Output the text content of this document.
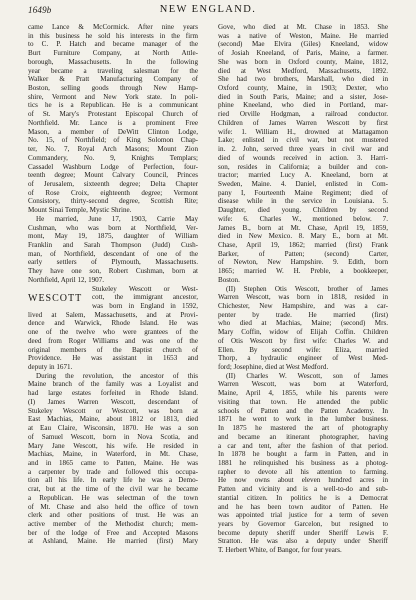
1649b	NEW ENGLAND.
came Lance & McCormick. After nine years
in this business he sold his interests in the firm
to C. P. Hatch and became manager of the
Burt Furniture Company, at North Attle-
borough, Massachusetts. In the following
year became a traveling salesman for the
Walker & Pratt Manufacturing Company of
Boston, selling goods through New Hamp-
shire, Vermont and New York state. In poli-
tics he is a Republican. He is a communicant
of St. Mary's Protestant Episcopal Church of
Northfield. Mr. Lance is a prominent Free
Mason, a member of DeWitt Clinton Lodge,
No. 15, of Northfield; of King Solomon Chap-
ter, No. 7, Royal Arch Masons; Mount Zion
Commandery, No. 9, Knights Templars;
Cassadel Washburn Lodge of Perfection, four-
teenth degree; Mount Calvary Council, Princes
of Jerusalem, sixteenth degree; Delta Chapter
of Rose Croix, eighteenth degree; Vermont
Consistory, thirty-second degree, Scottish Rite;
Mount Sinai Temple, Mystic Shrine.
He married, June 17, 1903, Carrie May
Cushman, who was born at Northfield, Ver-
mont, May 19, 1875, daughter of William
Franklin and Sarah Thompson (Judd) Cush-
man, of Northfield, descendant of one of the
early settlers of Plymouth, Massachusetts.
They have one son, Robert Cushman, born at
Northfield, April 12, 1907.
WESCOTT
Stukeley Wescott or West-
cott, the immigrant ancestor,
was born in England in 1592,
lived at Salem, Massachusetts, and at Provi-
dence and Warwick, Rhode Island. He was
one of the twelve who were grantees of the
deed from Roger Williams and was one of the
original members of the Baptist church of
Providence. He was assistant in 1653 and
deputy in 1671.
During the revolution, the ancestor of this
Maine branch of the family was a Loyalist and
had large estates forfeited in Rhode Island.
(I) James Warren Wescott, descendant of
Stukeley Wescott or Westcott, was born at
East Machias, Maine, about 1812 or 1813, died
at Eau Claire, Wisconsin, 1870. He was a son
of Samuel Wescott, born in Nova Scotia, and
Mary Jane Wescott, his wife. He resided in
Machias, Maine, in Waterford, in Mt. Chase,
and in 1865 came to Patten, Maine. He was
a carpenter by trade and followed this occupa-
tion all his life. In early life he was a Demo-
crat, but at the time of the civil war he became
a Republican. He was selectman of the town
of Mt. Chase and also held the office of town
clerk and other positions of trust. He was an
active member of the Methodist church; mem-
ber of the lodge of Free and Accepted Masons
at Ashland, Maine. He married (first) Mary
Gove, who died at Mt. Chase in 1853. She
was a native of Weston, Maine. He married
(second) Mae Elvira (Giles) Kneeland, widow
of Josiah Kneeland, of Paris, Maine, a farmer.
She was born in Oxford county, Maine, 1812,
died at West Medford, Massachusetts, 1892.
She had two brothers, Marshall, who died in
Oxford county, Maine, in 1903; Dexter, who
died in South Paris, Maine; and a sister, Jose-
phine Kneeland, who died in Portland, mar-
ried Orville Hodgman, a railroad conductor.
Children of James Warren Wescott by first
wife: 1. William H., drowned at Mattagamon
Lake; enlisted in civil war, but not mustered
in. 2. John, served three years in civil war and
died of wounds received in action. 3. Harri-
son, resides in California; a builder and con-
tractor; married Lucy A. Kneeland, born at
Sweden, Maine. 4. Daniel, enlisted in Com-
pany I, Fourteenth Maine Regiment; died of
disease while in the service in Louisiana. 5.
Daughter, died young. Children by second
wife: 6. Charles W., mentioned below. 7.
James B., born at Mt. Chase, April 19, 1859,
died in New Mexico. 8. Mary E., born at Mt.
Chase, April 19, 1862; married (first) Frank
Barker, of Patten; (second) Carter,
of Newton, New Hampshire. 9. Edith, born
1865; married W. H. Preble, a bookkeeper,
Boston.
(II) Stephen Otis Wescott, brother of James
Warren Wescott, was born in 1818, resided in
Chichester, New Hampshire, and was a car-
penter by trade. He married (first)
who died at Machias, Maine; (second) Mrs.
Mary Coffin, widow of Elijah Coffin. Children
of Otis Wescott by first wife: Charles W. and
Ellen. By second wife: Eliza, married
Thorp, a hydraulic engineer of West Med-
ford; Josephine, died at West Medford.
(II) Charles W. Wescott, son of James
Warren Wescott, was born at Waterford,
Maine, April 4, 1855, while his parents were
visiting that town. He attended the public
schools of Patten and the Patten Academy. In
1871 he went to work in the lumber business.
In 1875 he mastered the art of photography
and became an itinerant photographer, having
a car and tent, after the fashion of that period.
In 1878 he bought a farm in Patten, and in
1881 he relinquished his business as a photog-
rapher to devote all his attention to farming.
He now owns about eleven hundred acres in
Patten and vicinity and is a well-to-do and sub-
stantial citizen. In politics he is a Democrat
and he has been town auditor of Patten. He
was appointed trial justice for a term of seven
years by Governor Garcelon, but resigned to
become deputy sheriff under Sheriff Lewis F.
Stratton. He was also a deputy under Sheriff
T. Herbert White, of Bangor, for four years.
